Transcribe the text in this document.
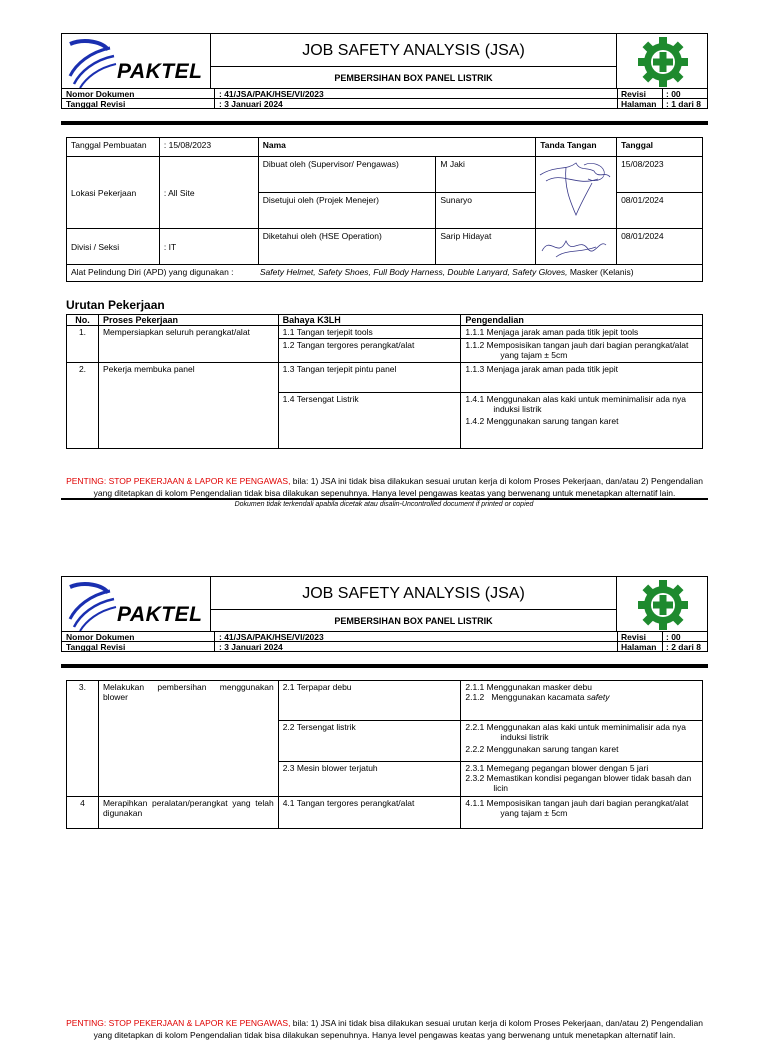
PAKTEL
JOB SAFETY ANALYSIS (JSA)
PEMBERSIHAN BOX PANEL LISTRIK
Nomor Dokumen	: 41/JSA/PAK/HSE/VI/2023	Revisi : 00
Tanggal Revisi	: 3 Januari 2024	Halaman : 1 dari 8
Tanggal Pembuatan	: 15/08/2023	Nama		Tanda Tangan	Tanggal
Lokasi Pekerjaan	: All Site	Dibuat oleh (Supervisor/ Pengawas)	M Jaki		15/08/2023
		Disetujui oleh (Projek Menejer)	Sunaryo		08/01/2024
Divisi / Seksi	: IT	Diketahui oleh (HSE Operation)	Sarip Hidayat		08/01/2024
Alat Pelindung Diri (APD) yang digunakan :			Safety Helmet, Safety Shoes, Full Body Harness, Double Lanyard, Safety Gloves, Masker (Kelanis)		
Urutan Pekerjaan
No.	Proses Pekerjaan	Bahaya K3LH	Pengendalian
1.	Mempersiapkan seluruh perangkat/alat	1.1 Tangan terjepit tools	1.1.1 Menjaga jarak aman pada titik jepit tools
		1.2 Tangan tergores perangkat/alat	1.1.2 Memposisikan tangan jauh dari bagian perangkat/alat yang tajam ± 5cm

2.	Pekerja membuka panel	1.3 Tangan terjepit pintu panel	1.1.3 Menjaga jarak aman pada titik jepit
		1.4 Tersengat Listrik	1.4.1 Menggunakan alas kaki untuk meminimalisir ada nya induksi listrik
1.4.2 Menggunakan sarung tangan karet
PENTING: STOP PEKERJAAN & LAPOR KE PENGAWAS, bila: 1) JSA ini tidak bisa dilakukan sesuai urutan kerja di kolom Proses Pekerjaan, dan/atau 2) Pengendalian yang ditetapkan di kolom Pengendalian tidak bisa dilakukan sepenuhnya. Hanya level pengawas keatas yang berwenang untuk menetapkan alternatif lain.
Dokumen tidak terkendali apabila dicetak atau disalin-Uncontrolled document if printed or copied
PAKTEL
JOB SAFETY ANALYSIS (JSA)
PEMBERSIHAN BOX PANEL LISTRIK
Nomor Dokumen	: 41/JSA/PAK/HSE/VI/2023	Revisi : 00
Tanggal Revisi	: 3 Januari 2024	Halaman : 2 dari 8
3.	Melakukan pembersihan menggunakan blower	2.1 Terpapar debu	2.1.1 Menggunakan masker debu
2.1.2   Menggunakan kacamata safety

		2.2 Tersengat listrik	2.2.1 Menggunakan alas kaki untuk meminimalisir ada nya induksi listrik
2.2.2 Menggunakan sarung tangan karet

		2.3 Mesin blower terjatuh	2.3.1 Memegang pegangan blower dengan 5 jari
2.3.2 Memastikan kondisi pegangan blower tidak basah dan licin

4	Merapihkan peralatan/perangkat yang telah digunakan	4.1 Tangan tergores perangkat/alat	4.1.1 Memposisikan tangan jauh dari bagian perangkat/alat yang tajam ± 5cm
PENTING: STOP PEKERJAAN & LAPOR KE PENGAWAS, bila: 1) JSA ini tidak bisa dilakukan sesuai urutan kerja di kolom Proses Pekerjaan, dan/atau 2) Pengendalian yang ditetapkan di kolom Pengendalian tidak bisa dilakukan sepenuhnya. Hanya level pengawas keatas yang berwenang untuk menetapkan alternatif lain.
